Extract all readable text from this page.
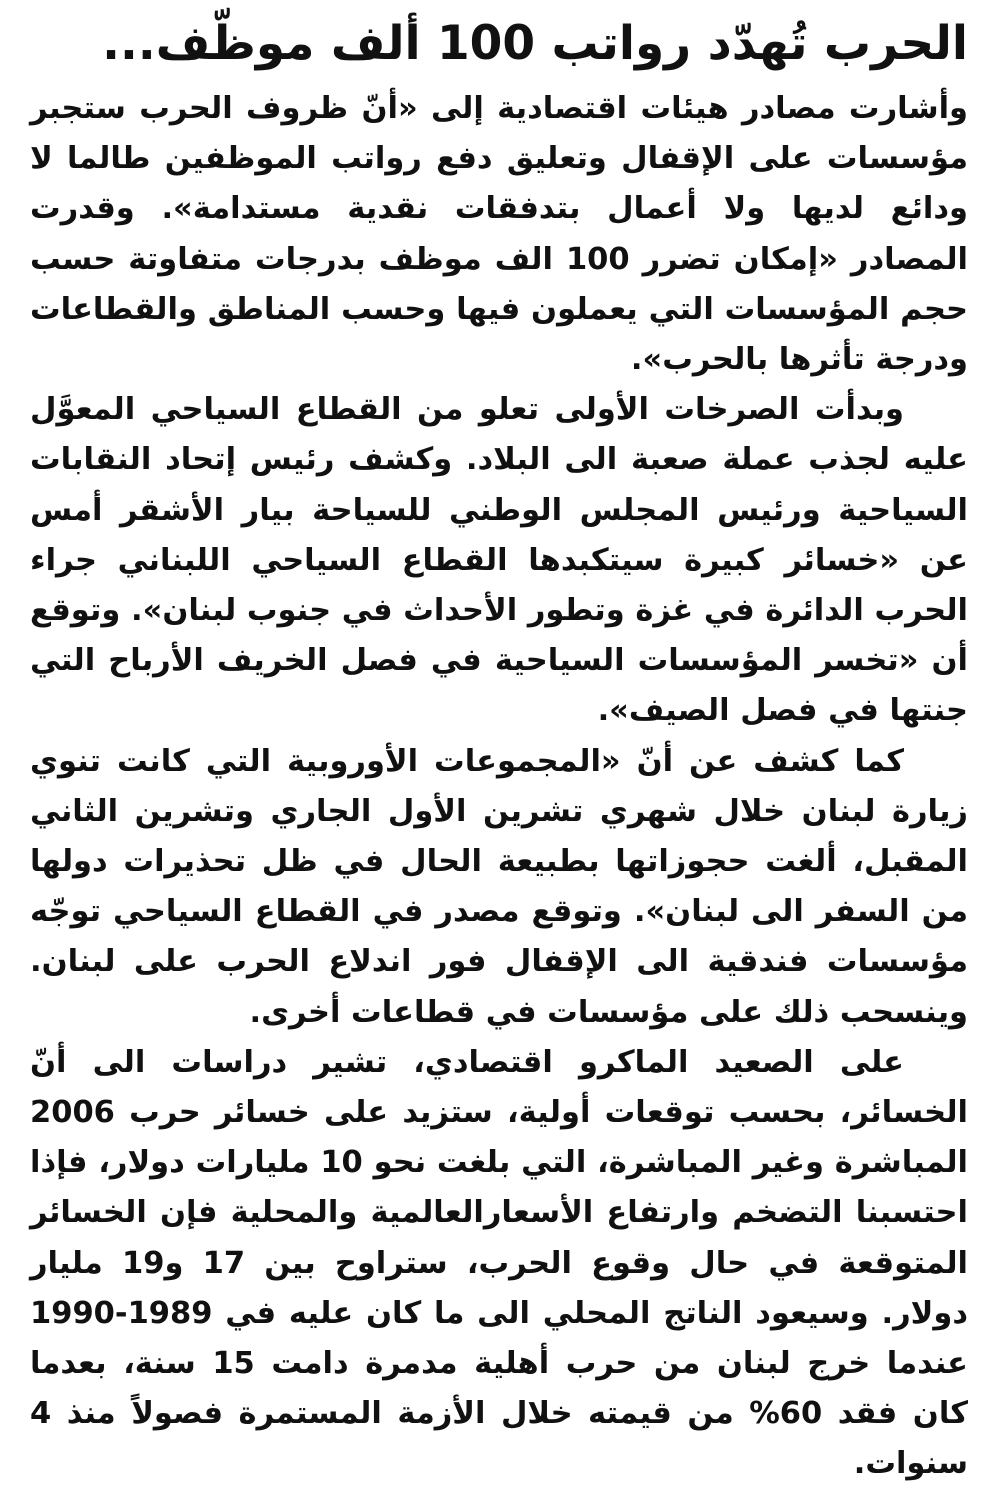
الحرب تُهدّد رواتب 100 ألف موظّف...

وأشارت مصادر هيئات اقتصادية إلى «أنّ ظروف الحرب ستجبر مؤسسات على الإقفال وتعليق دفع رواتب الموظفين طالما لا ودائع لديها ولا أعمال بتدفقات نقدية مستدامة». وقدرت المصادر «إمكان تضرر 100 الف موظف بدرجات متفاوتة حسب حجم المؤسسات التي يعملون فيها وحسب المناطق والقطاعات ودرجة تأثرها بالحرب».

وبدأت الصرخات الأولى تعلو من القطاع السياحي المعوَّل عليه لجذب عملة صعبة الى البلاد. وكشف رئيس إتحاد النقابات السياحية ورئيس المجلس الوطني للسياحة بيار الأشقر أمس عن «خسائر كبيرة سيتكبدها القطاع السياحي اللبناني جراء الحرب الدائرة في غزة وتطور الأحداث في جنوب لبنان». وتوقع أن «تخسر المؤسسات السياحية في فصل الخريف الأرباح التي جنتها في فصل الصيف».

كما كشف عن أنّ «المجموعات الأوروبية التي كانت تنوي زيارة لبنان خلال شهري تشرين الأول الجاري وتشرين الثاني المقبل، ألغت حجوزاتها بطبيعة الحال في ظل تحذيرات دولها من السفر الى لبنان». وتوقع مصدر في القطاع السياحي توجّه مؤسسات فندقية الى الإقفال فور اندلاع الحرب على لبنان. وينسحب ذلك على مؤسسات في قطاعات أخرى.

على الصعيد الماكرو اقتصادي، تشير دراسات الى أنّ الخسائر، بحسب توقعات أولية، ستزيد على خسائر حرب 2006 المباشرة وغير المباشرة، التي بلغت نحو 10 مليارات دولار، فإذا احتسبنا التضخم وارتفاع الأسعارالعالمية والمحلية فإن الخسائر المتوقعة في حال وقوع الحرب، ستراوح بين 17 و19 مليار دولار. وسيعود الناتج المحلي الى ما كان عليه في 1989-1990 عندما خرج لبنان من حرب أهلية مدمرة دامت 15 سنة، بعدما كان فقد 60% من قيمته خلال الأزمة المستمرة فصولاً منذ 4 سنوات.
